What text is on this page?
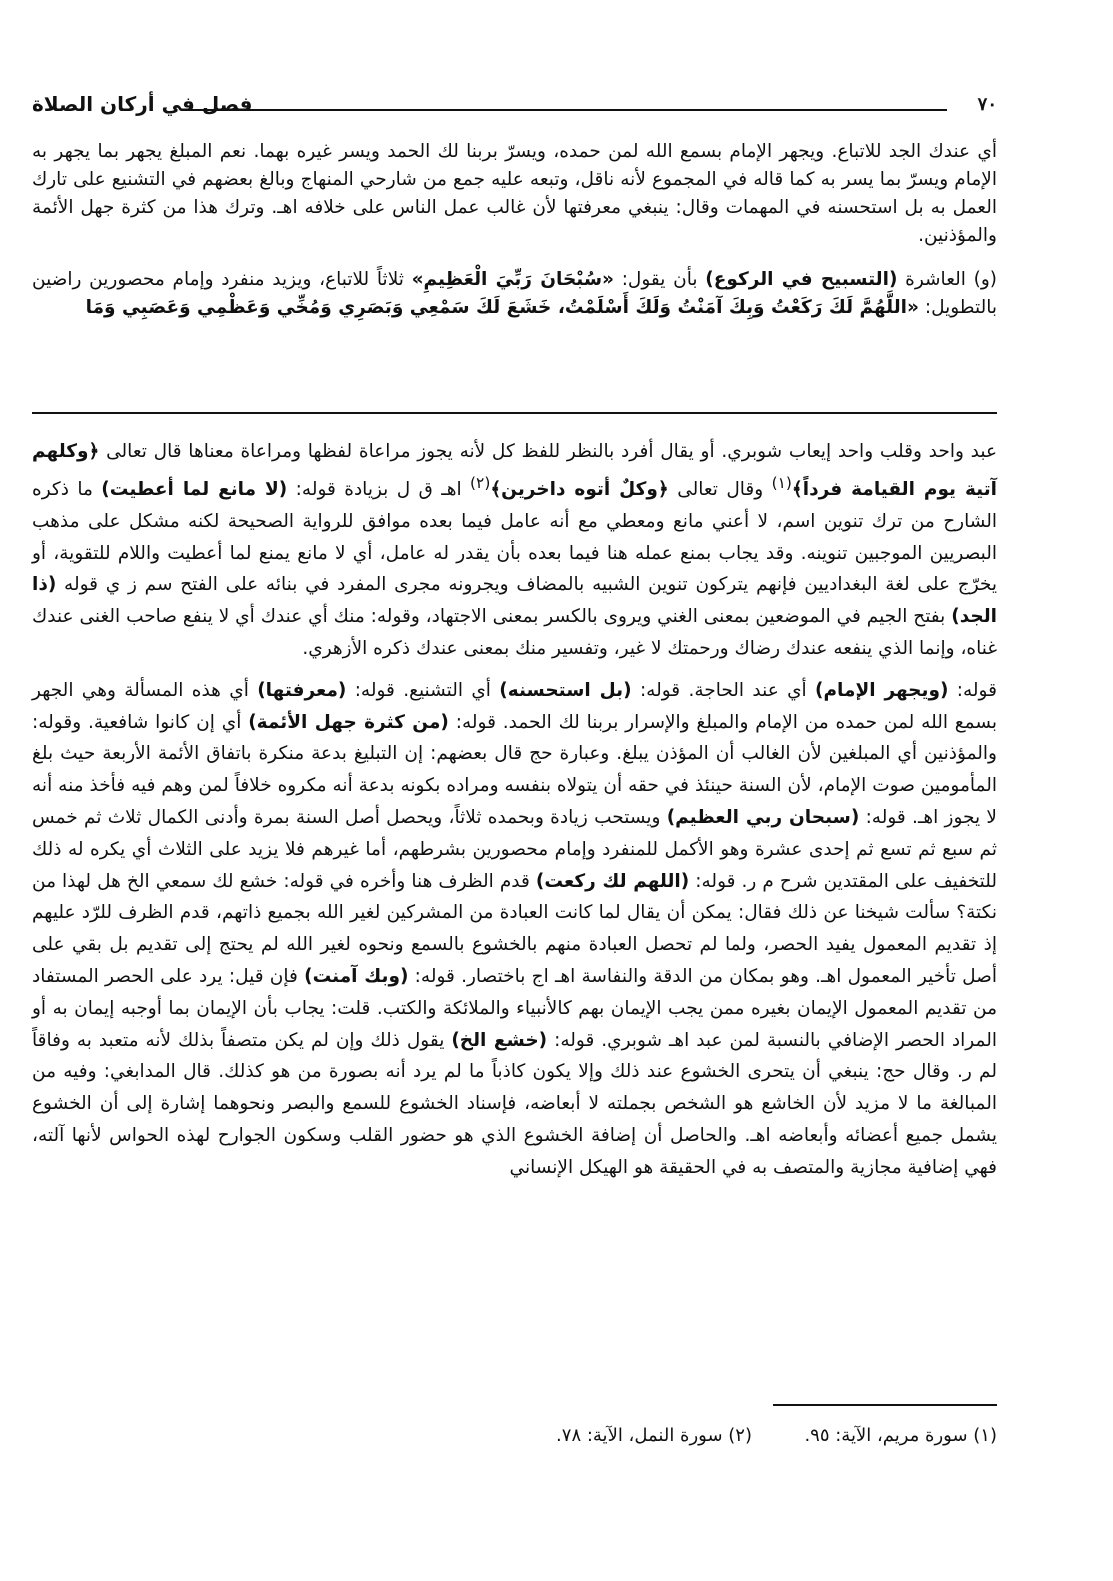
٧٠
فصل في أركان الصلاة

أي عندك الجد للاتباع. ويجهر الإمام بسمع الله لمن حمده، ويسرّ بربنا لك الحمد ويسر غيره بهما. نعم المبلغ يجهر بما يجهر به الإمام ويسرّ بما يسر به كما قاله في المجموع لأنه ناقل، وتبعه عليه جمع من شارحي المنهاج وبالغ بعضهم في التشنيع على تارك العمل به بل استحسنه في المهمات وقال: ينبغي معرفتها لأن غالب عمل الناس على خلافه اهـ. وترك هذا من كثرة جهل الأئمة والمؤذنين.

(و) العاشرة (التسبيح في الركوع) بأن يقول: «سُبْحَانَ رَبِّيَ الْعَظِيمِ» ثلاثاً للاتباع، ويزيد منفرد وإمام محصورين راضين بالتطويل: «اللَّهُمَّ لَكَ رَكَعْتُ وَبِكَ آمَنْتُ وَلَكَ أَسْلَمْتُ، خَشَعَ لَكَ سَمْعِي وَبَصَرِي وَمُخِّي وَعَظْمِي وَعَصَبِي وَمَا

عبد واحد وقلب واحد إيعاب شوبري. أو يقال أفرد بالنظر للفظ كل لأنه يجوز مراعاة لفظها ومراعاة معناها قال تعالى ﴿وكلهم آتية يوم القيامة فرداً﴾$^{(١)}$ وقال تعالى ﴿وكلٌ أتوه داخرين﴾$^{(٢)}$ اهـ ق ل بزيادة قوله: (لا مانع لما أعطيت) ما ذكره الشارح من ترك تنوين اسم، لا أعني مانع ومعطي مع أنه عامل فيما بعده موافق للرواية الصحيحة لكنه مشكل على مذهب البصريين الموجبين تنوينه. وقد يجاب بمنع عمله هنا فيما بعده بأن يقدر له عامل، أي لا مانع يمنع لما أعطيت واللام للتقوية، أو يخرّج على لغة البغداديين فإنهم يتركون تنوين الشبيه بالمضاف ويجرونه مجرى المفرد في بنائه على الفتح سم ز ي قوله (ذا الجد) بفتح الجيم في الموضعين بمعنى الغني ويروى بالكسر بمعنى الاجتهاد، وقوله: منك أي عندك أي لا ينفع صاحب الغنى عندك غناه، وإنما الذي ينفعه عندك رضاك ورحمتك لا غير، وتفسير منك بمعنى عندك ذكره الأزهري.

قوله: (ويجهر الإمام) أي عند الحاجة. قوله: (بل استحسنه) أي التشنيع. قوله: (معرفتها) أي هذه المسألة وهي الجهر بسمع الله لمن حمده من الإمام والمبلغ والإسرار بربنا لك الحمد. قوله: (من كثرة جهل الأئمة) أي إن كانوا شافعية. وقوله: والمؤذنين أي المبلغين لأن الغالب أن المؤذن يبلغ. وعبارة حج قال بعضهم: إن التبليغ بدعة منكرة باتفاق الأئمة الأربعة حيث بلغ المأمومين صوت الإمام، لأن السنة حينئذ في حقه أن يتولاه بنفسه ومراده بكونه بدعة أنه مكروه خلافاً لمن وهم فيه فأخذ منه أنه لا يجوز اهـ. قوله: (سبحان ربي العظيم) ويستحب زيادة وبحمده ثلاثاً، ويحصل أصل السنة بمرة وأدنى الكمال ثلاث ثم خمس ثم سبع ثم تسع ثم إحدى عشرة وهو الأكمل للمنفرد وإمام محصورين بشرطهم، أما غيرهم فلا يزيد على الثلاث أي يكره له ذلك للتخفيف على المقتدين شرح م ر. قوله: (اللهم لك ركعت) قدم الظرف هنا وأخره في قوله: خشع لك سمعي الخ هل لهذا من نكتة؟ سألت شيخنا عن ذلك فقال: يمكن أن يقال لما كانت العبادة من المشركين لغير الله بجميع ذاتهم، قدم الظرف للرّد عليهم إذ تقديم المعمول يفيد الحصر، ولما لم تحصل العبادة منهم بالخشوع بالسمع ونحوه لغير الله لم يحتج إلى تقديم بل بقي على أصل تأخير المعمول اهـ. وهو بمكان من الدقة والنفاسة اهـ اج باختصار. قوله: (وبك آمنت) فإن قيل: يرد على الحصر المستفاد من تقديم المعمول الإيمان بغيره ممن يجب الإيمان بهم كالأنبياء والملائكة والكتب. قلت: يجاب بأن الإيمان بما أوجبه إيمان به أو المراد الحصر الإضافي بالنسبة لمن عبد اهـ شوبري. قوله: (خشع الخ) يقول ذلك وإن لم يكن متصفاً بذلك لأنه متعبد به وفاقاً لم ر. وقال حج: ينبغي أن يتحرى الخشوع عند ذلك وإلا يكون كاذباً ما لم يرد أنه بصورة من هو كذلك. قال المدابغي: وفيه من المبالغة ما لا مزيد لأن الخاشع هو الشخص بجملته لا أبعاضه، فإسناد الخشوع للسمع والبصر ونحوهما إشارة إلى أن الخشوع يشمل جميع أعضائه وأبعاضه اهـ. والحاصل أن إضافة الخشوع الذي هو حضور القلب وسكون الجوارح لهذه الحواس لأنها آلته، فهي إضافية مجازية والمتصف به في الحقيقة هو الهيكل الإنساني

(١) سورة مريم، الآية: ٩٥.
(٢) سورة النمل، الآية: ٧٨.
